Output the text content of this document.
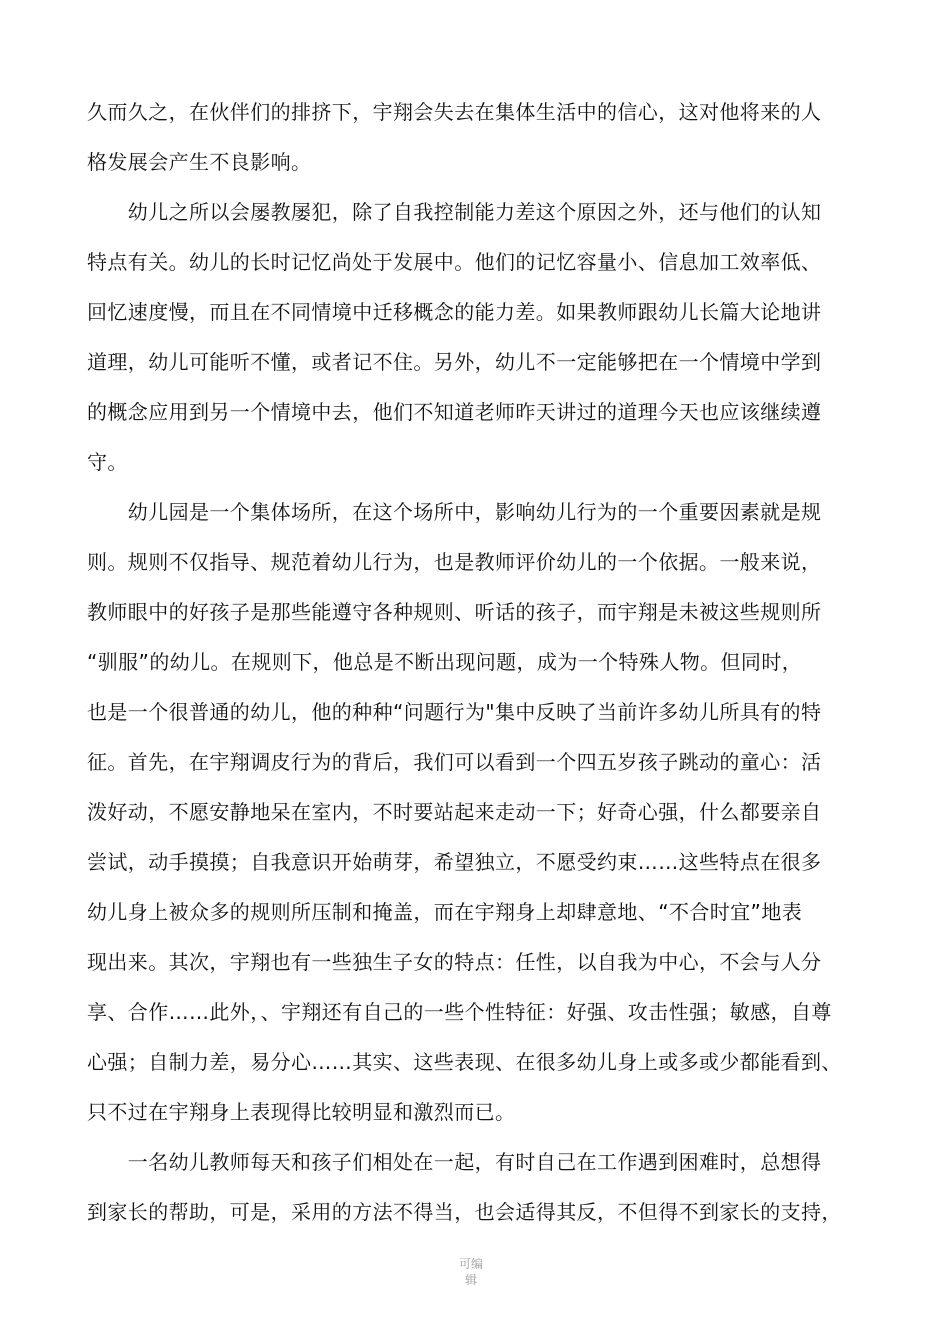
久而久之，在伙伴们的排挤下，宇翔会失去在集体生活中的信心，这对他将来的人
格发展会产生不良影响。
　　幼儿之所以会屡教屡犯，除了自我控制能力差这个原因之外，还与他们的认知
特点有关。幼儿的长时记忆尚处于发展中。他们的记忆容量小、信息加工效率低、
回忆速度慢，而且在不同情境中迁移概念的能力差。如果教师跟幼儿长篇大论地讲
道理，幼儿可能听不懂，或者记不住。另外，幼儿不一定能够把在一个情境中学到
的概念应用到另一个情境中去，他们不知道老师昨天讲过的道理今天也应该继续遵
守。
　　幼儿园是一个集体场所，在这个场所中，影响幼儿行为的一个重要因素就是规
则。规则不仅指导、规范着幼儿行为，也是教师评价幼儿的一个依据。一般来说，
教师眼中的好孩子是那些能遵守各种规则、听话的孩子，而宇翔是未被这些规则所
“驯服”的幼儿。在规则下，他总是不断出现问题，成为一个特殊人物。但同时，
也是一个很普通的幼儿，他的种种“问题行为"集中反映了当前许多幼儿所具有的特
征。首先，在宇翔调皮行为的背后，我们可以看到一个四五岁孩子跳动的童心：活
泼好动，不愿安静地呆在室内，不时要站起来走动一下；好奇心强，什么都要亲自
尝试，动手摸摸；自我意识开始萌芽，希望独立，不愿受约束……这些特点在很多
幼儿身上被众多的规则所压制和掩盖，而在宇翔身上却肆意地、“不合时宜”地表
现出来。其次，宇翔也有一些独生子女的特点：任性，以自我为中心，不会与人分
享、合作……此外，、宇翔还有自己的一些个性特征：好强、攻击性强；敏感，自尊
心强；自制力差，易分心……其实、这些表现、在很多幼儿身上或多或少都能看到、
只不过在宇翔身上表现得比较明显和激烈而已。
　　一名幼儿教师每天和孩子们相处在一起，有时自己在工作遇到困难时，总想得
到家长的帮助，可是，采用的方法不得当，也会适得其反，不但得不到家长的支持，
可编辑
